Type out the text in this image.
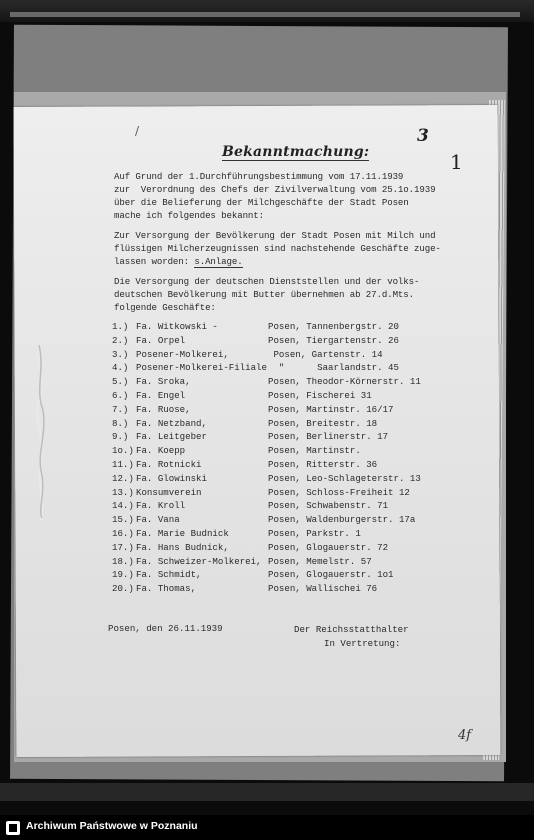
/
Bekanntmachung:
3
1
Auf Grund der 1.Durchführungsbestimmung vom 17.11.1939
zur  Verordnung des Chefs der Zivilverwaltung vom 25.1o.1939
über die Belieferung der Milchgeschäfte der Stadt Posen
mache ich folgendes bekannt:
Zur Versorgung der Bevölkerung der Stadt Posen mit Milch und
flüssigen Milcherzeugnissen sind nachstehende Geschäfte zuge-
lassen worden: s.Anlage.
Die Versorgung der deutschen Dienststellen und der volks-
deutschen Bevölkerung mit Butter übernehmen ab 27.d.Mts.
folgende Geschäfte:
1.) Fa. Witkowski -	Posen, Tannenbergstr. 20
2.) Fa. Orpel	Posen, Tiergartenstr. 26
3.) Posener-Molkerei,	Posen, Gartenstr. 14
4.) Posener-Molkerei-Filiale "      Saarlandstr. 45
5.) Fa. Sroka,	Posen, Theodor-Körnerstr. 11
6.) Fa. Engel	Posen, Fischerei 31
7.) Fa. Ruose,	Posen, Martinstr. 16/17
8.) Fa. Netzband,	Posen, Breitestr. 18
9.) Fa. Leitgeber	Posen, Berlinerstr. 17
1o.) Fa. Koepp	Posen, Martinstr.
11.) Fa. Rotnicki	Posen, Ritterstr. 36
12.) Fa. Glowinski	Posen, Leo-Schlageterstr. 13
13.) Konsumverein	Posen, Schloss-Freiheit 12
14.) Fa. Kroll	Posen, Schwabenstr. 71
15.) Fa. Vana	Posen, Waldenburgerstr. 17a
16.) Fa. Marie Budnick	Posen, Parkstr. 1
17.) Fa. Hans Budnick,	Posen, Glogauerstr. 72
18.) Fa. Schweizer-Molkerei, Posen, Memelstr. 57
19.) Fa. Schmidt,	Posen, Glogauerstr. 1o1
20.) Fa. Thomas,	Posen, Wallischei 76
Posen, den 26.11.1939	Der Reichsstatthalter
In Vertretung:
4f
Archiwum Państwowe w Poznaniu
